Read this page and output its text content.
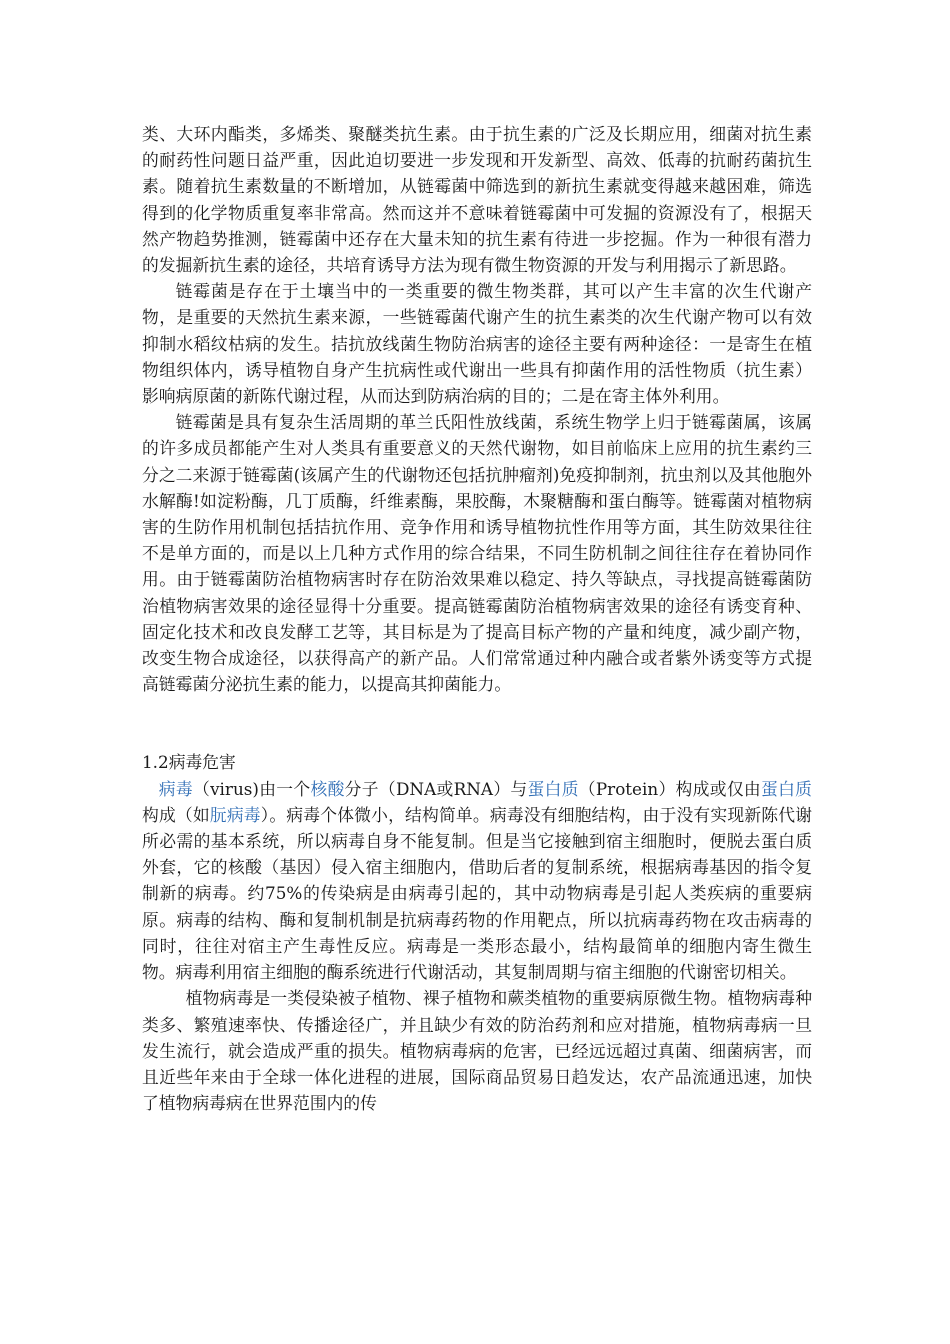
类、大环内酯类，多烯类、聚醚类抗生素。由于抗生素的广泛及长期应用，细菌对抗生素的耐药性问题日益严重，因此迫切要进一步发现和开发新型、高效、低毒的抗耐药菌抗生素。随着抗生素数量的不断增加，从链霉菌中筛选到的新抗生素就变得越来越困难，筛选得到的化学物质重复率非常高。然而这并不意味着链霉菌中可发掘的资源没有了，根据天然产物趋势推测，链霉菌中还存在大量未知的抗生素有待进一步挖掘。作为一种很有潜力的发掘新抗生素的途径，共培育诱导方法为现有微生物资源的开发与利用揭示了新思路。

链霉菌是存在于土壤当中的一类重要的微生物类群，其可以产生丰富的次生代谢产物，是重要的天然抗生素来源，一些链霉菌代谢产生的抗生素类的次生代谢产物可以有效抑制水稻纹枯病的发生。拮抗放线菌生物防治病害的途径主要有两种途径：一是寄生在植物组织体内，诱导植物自身产生抗病性或代谢出一些具有抑菌作用的活性物质（抗生素）影响病原菌的新陈代谢过程，从而达到防病治病的目的；二是在寄主体外利用。

链霉菌是具有复杂生活周期的革兰氏阳性放线菌，系统生物学上归于链霉菌属，该属的许多成员都能产生对人类具有重要意义的天然代谢物，如目前临床上应用的抗生素约三分之二来源于链霉菌(该属产生的代谢物还包括抗肿瘤剂)免疫抑制剂，抗虫剂以及其他胞外水解酶!如淀粉酶，几丁质酶，纤维素酶，果胶酶，木聚糖酶和蛋白酶等。链霉菌对植物病害的生防作用机制包括拮抗作用、竞争作用和诱导植物抗性作用等方面，其生防效果往往不是单方面的，而是以上几种方式作用的综合结果，不同生防机制之间往往存在着协同作用。由于链霉菌防治植物病害时存在防治效果难以稳定、持久等缺点，寻找提高链霉菌防治植物病害效果的途径显得十分重要。提高链霉菌防治植物病害效果的途径有诱变育种、固定化技术和改良发酵工艺等，其目标是为了提高目标产物的产量和纯度，减少副产物，改变生物合成途径，以获得高产的新产品。人们常常通过种内融合或者紫外诱变等方式提高链霉菌分泌抗生素的能力，以提高其抑菌能力。

1.2病毒危害

病毒（virus)由一个核酸分子（DNA或RNA）与蛋白质（Protein）构成或仅由蛋白质构成（如朊病毒）。病毒个体微小，结构简单。病毒没有细胞结构，由于没有实现新陈代谢所必需的基本系统，所以病毒自身不能复制。但是当它接触到宿主细胞时，便脱去蛋白质外套，它的核酸（基因）侵入宿主细胞内，借助后者的复制系统，根据病毒基因的指令复制新的病毒。约75%的传染病是由病毒引起的，其中动物病毒是引起人类疾病的重要病原。病毒的结构、酶和复制机制是抗病毒药物的作用靶点，所以抗病毒药物在攻击病毒的同时，往往对宿主产生毒性反应。病毒是一类形态最小，结构最简单的细胞内寄生微生物。病毒利用宿主细胞的酶系统进行代谢活动，其复制周期与宿主细胞的代谢密切相关。

植物病毒是一类侵染被子植物、裸子植物和蕨类植物的重要病原微生物。植物病毒种类多、繁殖速率快、传播途径广，并且缺少有效的防治药剂和应对措施，植物病毒病一旦发生流行，就会造成严重的损失。植物病毒病的危害，已经远远超过真菌、细菌病害，而且近些年来由于全球一体化进程的进展，国际商品贸易日趋发达，农产品流通迅速，加快了植物病毒病在世界范围内的传
